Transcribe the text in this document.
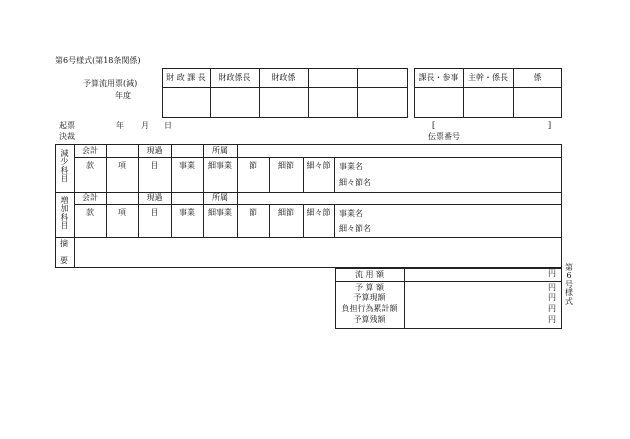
第6号様式(第18条関係)
予算流用票(減)
年度
財 政 課 長	財政係長	財政係	課長・参事	主幹・係長	係
起票
決裁
年 月 日	[	]
伝票番号
減
少
科
目
会計	現過	所属
款	項	目	事業	細事業	節	細節	細々節	事業名
細々節名
増
加
科
目
会計	現過	所属
款	項	目	事業	細事業	節	細節	細々節	事業名
細々節名
摘
要
流 用 額	円
予 算 額	円
予算現額	円
負担行為累計額	円
予算残額	円
第
6
号
様
式
